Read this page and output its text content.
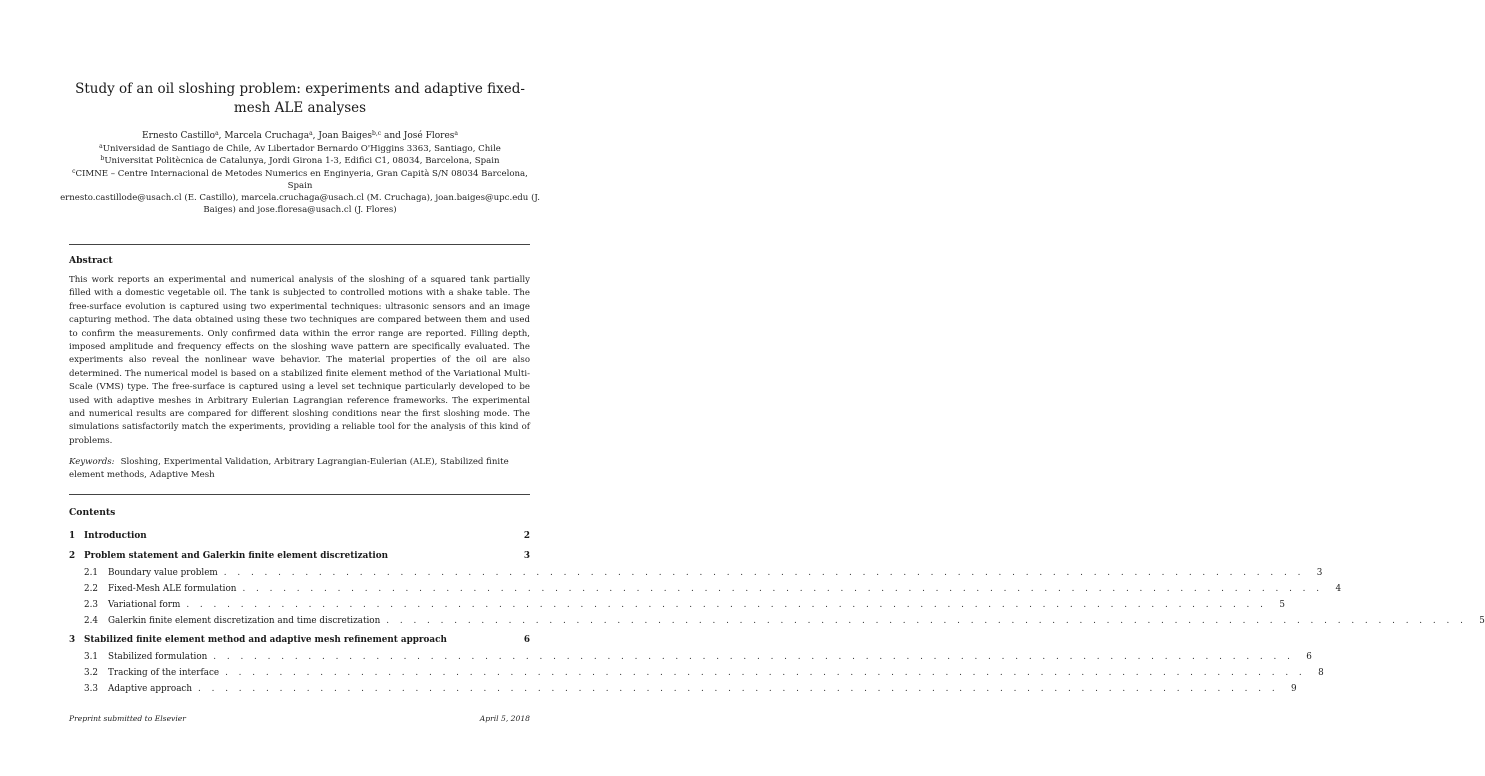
Study of an oil sloshing problem: experiments and adaptive fixed-mesh ALE analyses
Ernesto Castillo$^a$, Marcela Cruchaga$^a$, Joan Baiges$^{b,c}$ and José Flores$^a$
$^a$Universidad de Santiago de Chile, Av Libertador Bernardo O'Higgins 3363, Santiago, Chile
$^b$Universitat Politècnica de Catalunya, Jordi Girona 1-3, Edifici C1, 08034, Barcelona, Spain
$^c$CIMNE – Centre Internacional de Metodes Numerics en Enginyeria, Gran Capità S/N 08034 Barcelona, Spain
ernesto.castillode@usach.cl (E. Castillo), marcela.cruchaga@usach.cl (M. Cruchaga), joan.baiges@upc.edu (J.
Baiges) and jose.floresa@usach.cl (J. Flores)
Abstract
This work reports an experimental and numerical analysis of the sloshing of a squared tank partially filled with a domestic vegetable oil. The tank is subjected to controlled motions with a shake table. The free-surface evolution is captured using two experimental techniques: ultrasonic sensors and an image capturing method. The data obtained using these two techniques are compared between them and used to confirm the measurements. Only confirmed data within the error range are reported. Filling depth, imposed amplitude and frequency effects on the sloshing wave pattern are specifically evaluated. The experiments also reveal the nonlinear wave behavior. The material properties of the oil are also determined. The numerical model is based on a stabilized finite element method of the Variational Multi-Scale (VMS) type. The free-surface is captured using a level set technique particularly developed to be used with adaptive meshes in Arbitrary Eulerian Lagrangian reference frameworks. The experimental and numerical results are compared for different sloshing conditions near the first sloshing mode. The simulations satisfactorily match the experiments, providing a reliable tool for the analysis of this kind of problems.
Keywords: Sloshing, Experimental Validation, Arbitrary Lagrangian-Eulerian (ALE), Stabilized finite element methods, Adaptive Mesh
Contents
1	Introduction	2
2	Problem statement and Galerkin finite element discretization	3
2.1	Boundary value problem . . . . . . . . . . . . . . . . . . . . . . . . . . . . . . . . . . . . . . . . . . . . . . . . . . . . . . . . . . . . . . . . . . . . . . . . . . . . . . . .	3
2.2	Fixed-Mesh ALE formulation . . . . . . . . . . . . . . . . . . . . . . . . . . . . . . . . . . . . . . . . . . . . . . . . . . . . . . . . . . . . . . . . . . . . . . . . . . . . . . . .	4
2.3	Variational form . . . . . . . . . . . . . . . . . . . . . . . . . . . . . . . . . . . . . . . . . . . . . . . . . . . . . . . . . . . . . . . . . . . . . . . . . . . . . . . .	5
2.4	Galerkin finite element discretization and time discretization . . . . . . . . . . . . . . . . . . . . . . . . . . . . . . . . . . . . . . . . . . . . . . . . . . . . . . . . . . . . . . . . . . . . . . . . . . . . . . . .	5
3	Stabilized finite element method and adaptive mesh refinement approach	6
3.1	Stabilized formulation . . . . . . . . . . . . . . . . . . . . . . . . . . . . . . . . . . . . . . . . . . . . . . . . . . . . . . . . . . . . . . . . . . . . . . . . . . . . . . . .	6
3.2	Tracking of the interface . . . . . . . . . . . . . . . . . . . . . . . . . . . . . . . . . . . . . . . . . . . . . . . . . . . . . . . . . . . . . . . . . . . . . . . . . . . . . . . .	8
3.3	Adaptive approach . . . . . . . . . . . . . . . . . . . . . . . . . . . . . . . . . . . . . . . . . . . . . . . . . . . . . . . . . . . . . . . . . . . . . . . . . . . . . . . .	9
Preprint submitted to Elsevier	April 5, 2018
